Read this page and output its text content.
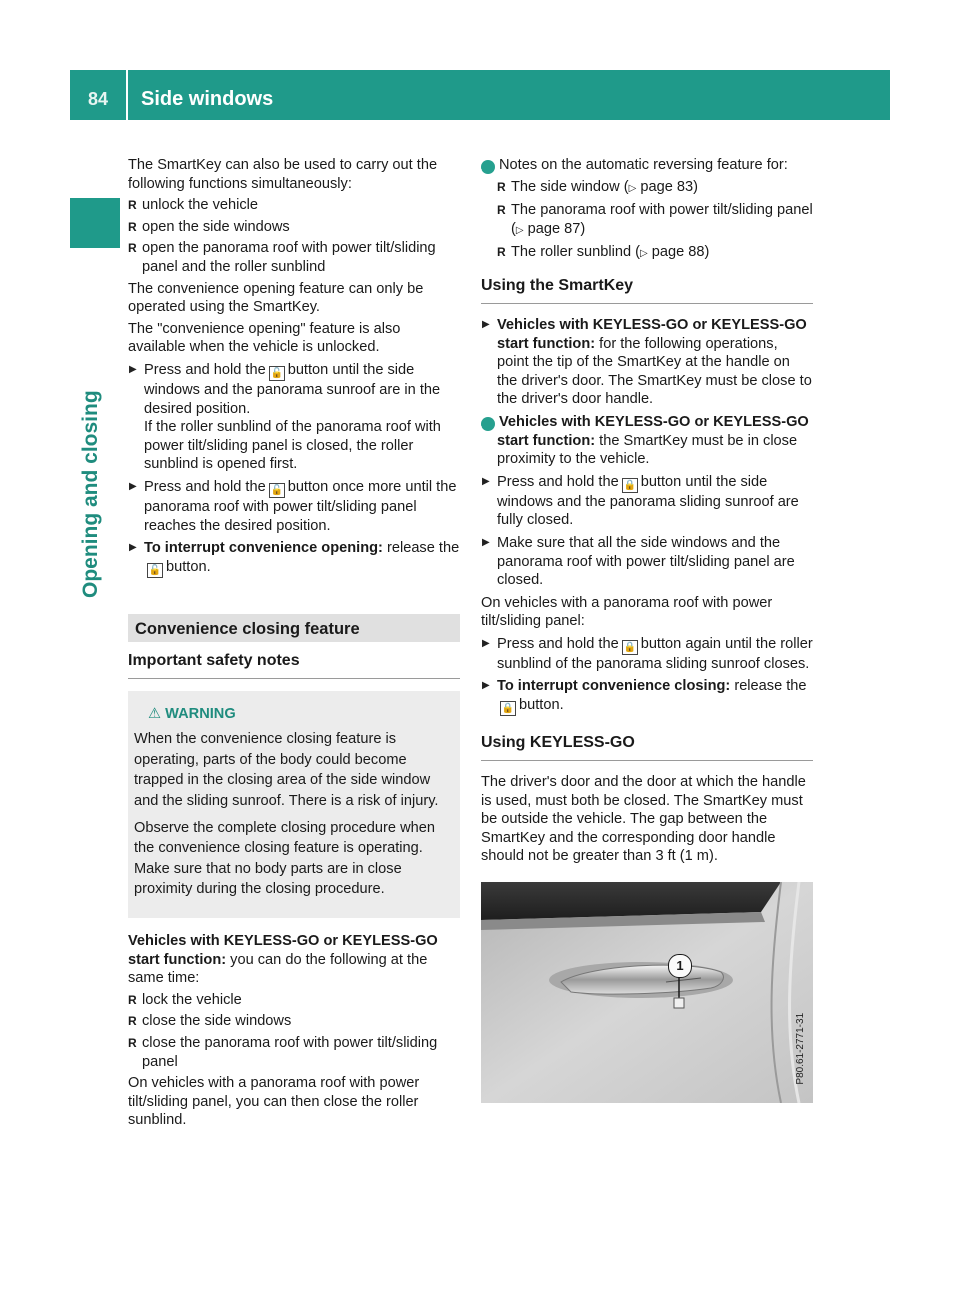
84	Side windows
Opening and closing

The SmartKey can also be used to carry out the following functions simultaneously:

R unlock the vehicle
R open the side windows
R open the panorama roof with power tilt/sliding panel and the roller sunblind

The convenience opening feature can only be operated using the SmartKey.

The "convenience opening" feature is also available when the vehicle is unlocked.

▶ Press and hold the 🔓 button until the side windows and the panorama sunroof are in the desired position.
If the roller sunblind of the panorama roof with power tilt/sliding panel is closed, the roller sunblind is opened first.
▶ Press and hold the 🔓 button once more until the panorama roof with power tilt/sliding panel reaches the desired position.
▶ To interrupt convenience opening: release the🔓 button.
Convenience closing feature
Important safety notes
⚠ WARNING

When the convenience closing feature is operating, parts of the body could become trapped in the closing area of the side window and the sliding sunroof. There is a risk of injury.

Observe the complete closing procedure when the convenience closing feature is operating. Make sure that no body parts are in close proximity during the closing procedure.

Vehicles with KEYLESS-GO or KEYLESS-GO start function: you can do the following at the same time:

R lock the vehicle
R close the side windows
R close the panorama roof with power tilt/sliding panel

On vehicles with a panorama roof with power tilt/sliding panel, you can then close the roller sunblind.

i Notes on the automatic reversing feature for:

R The side window (▷ page 83)
R The panorama roof with power tilt/sliding panel (▷ page 87)
R The roller sunblind (▷ page 88)
Using the SmartKey
▶ Vehicles with KEYLESS-GO or KEYLESS-GO start function: for the following operations, point the tip of the SmartKey at the handle on the driver's door. The SmartKey must be close to the driver's door handle.

i Vehicles with KEYLESS-GO or KEYLESS-GO start function: the SmartKey must be in close proximity to the vehicle.

▶ Press and hold the 🔒 button until the side windows and the panorama sliding sunroof are fully closed.
▶ Make sure that all the side windows and the panorama roof with power tilt/sliding panel are closed.

On vehicles with a panorama roof with power tilt/sliding panel:

▶ Press and hold the 🔒 button again until the roller sunblind of the panorama sliding sunroof closes.
▶ To interrupt convenience closing: release the🔒 button.
Using KEYLESS-GO

The driver's door and the door at which the handle is used, must both be closed. The SmartKey must be outside the vehicle. The gap between the SmartKey and the corresponding door handle should not be greater than 3 ft (1 m).

1
P80.61-2771-31
